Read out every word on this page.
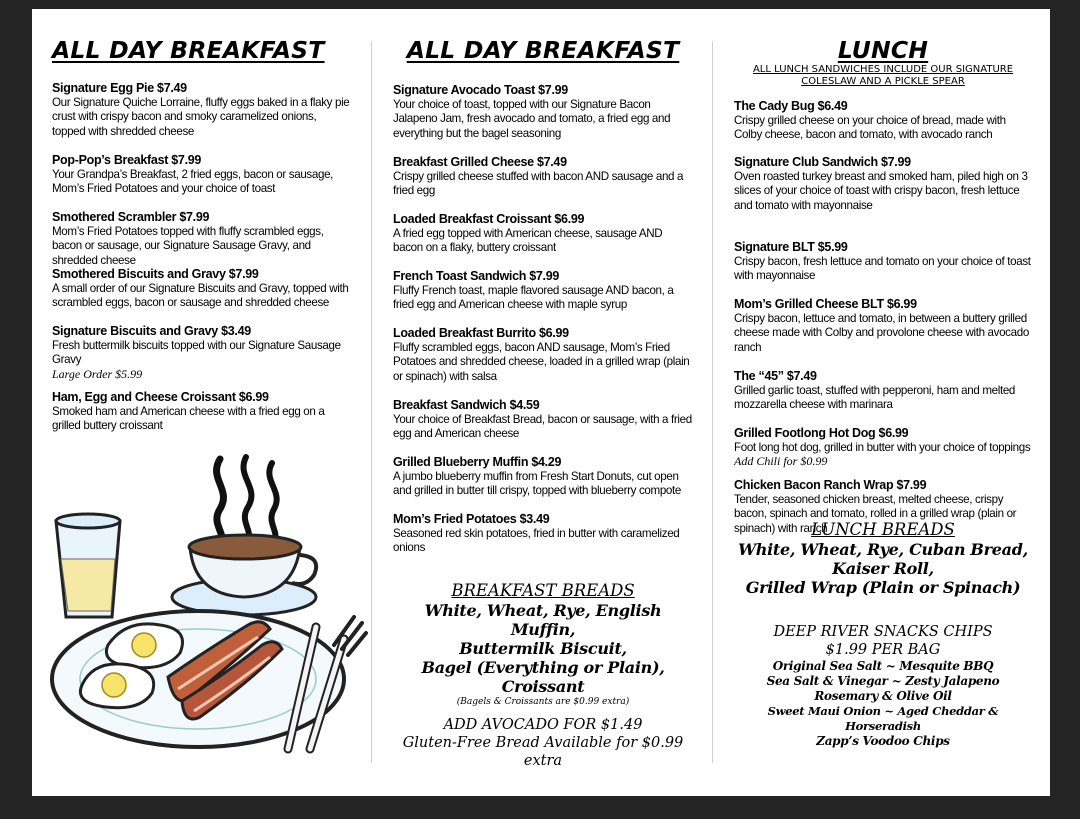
ALL DAY BREAKFAST
Signature Egg Pie $7.49
Our Signature Quiche Lorraine, fluffy eggs baked in a flaky pie crust with crispy bacon and smoky caramelized onions, topped with shredded cheese
Pop-Pop’s Breakfast $7.99
Your Grandpa’s Breakfast, 2 fried eggs, bacon or sausage, Mom’s Fried Potatoes and your choice of toast
Smothered Scrambler $7.99
Mom’s Fried Potatoes topped with fluffy scrambled eggs, bacon or sausage, our Signature Sausage Gravy, and shredded cheese
Smothered Biscuits and Gravy $7.99
A small order of our Signature Biscuits and Gravy, topped with scrambled eggs, bacon or sausage and shredded cheese
Signature Biscuits and Gravy $3.49
Fresh buttermilk biscuits topped with our Signature Sausage Gravy
Large Order $5.99
Ham, Egg and Cheese Croissant $6.99
Smoked ham and American cheese with a fried egg on a grilled buttery croissant
ALL DAY BREAKFAST
Signature Avocado Toast $7.99
Your choice of toast, topped with our Signature Bacon Jalapeno Jam, fresh avocado and tomato, a fried egg and everything but the bagel seasoning
Breakfast Grilled Cheese $7.49
Crispy grilled cheese stuffed with bacon AND sausage and a fried egg
Loaded Breakfast Croissant $6.99
A fried egg topped with American cheese, sausage AND bacon on a flaky, buttery croissant
French Toast Sandwich $7.99
Fluffy French toast, maple flavored sausage AND bacon, a fried egg and American cheese with maple syrup
Loaded Breakfast Burrito $6.99
Fluffy scrambled eggs, bacon AND sausage, Mom’s Fried Potatoes and shredded cheese, loaded in a grilled wrap (plain or spinach) with salsa
Breakfast Sandwich $4.59
Your choice of Breakfast Bread, bacon or sausage, with a fried egg and American cheese
Grilled Blueberry Muffin $4.29
A jumbo blueberry muffin from Fresh Start Donuts, cut open and grilled in butter till crispy, topped with blueberry compote
Mom’s Fried Potatoes $3.49
Seasoned red skin potatoes, fried in butter with caramelized onions
BREAKFAST BREADS
White, Wheat, Rye, English Muffin,
Buttermilk Biscuit,
Bagel (Everything or Plain), Croissant
(Bagels & Croissants are $0.99 extra)
ADD AVOCADO FOR $1.49
Gluten-Free Bread Available for $0.99 extra
LUNCH
ALL LUNCH SANDWICHES INCLUDE OUR SIGNATURE
COLESLAW AND A PICKLE SPEAR
The Cady Bug $6.49
Crispy grilled cheese on your choice of bread, made with Colby cheese, bacon and tomato, with avocado ranch
Signature Club Sandwich $7.99
Oven roasted turkey breast and smoked ham, piled high on 3 slices of your choice of toast with crispy bacon, fresh lettuce and tomato with mayonnaise
Signature BLT $5.99
Crispy bacon, fresh lettuce and tomato on your choice of toast with mayonnaise
Mom’s Grilled Cheese BLT $6.99
Crispy bacon, lettuce and tomato, in between a buttery grilled cheese made with Colby and provolone cheese with avocado ranch
The “45” $7.49
Grilled garlic toast, stuffed with pepperoni, ham and melted mozzarella cheese with marinara
Grilled Footlong Hot Dog $6.99
Foot long hot dog, grilled in butter with your choice of toppings
Add Chili for $0.99
Chicken Bacon Ranch Wrap $7.99
Tender, seasoned chicken breast, melted cheese, crispy bacon, spinach and tomato, rolled in a grilled wrap (plain or spinach) with ranch
LUNCH BREADS
White, Wheat, Rye, Cuban Bread,
Kaiser Roll,
Grilled Wrap (Plain or Spinach)
DEEP RIVER SNACKS CHIPS
$1.99 PER BAG
Original Sea Salt ~ Mesquite BBQ
Sea Salt & Vinegar ~ Zesty Jalapeno
Rosemary & Olive Oil
Sweet Maui Onion ~ Aged Cheddar & Horseradish
Zapp’s Voodoo Chips
